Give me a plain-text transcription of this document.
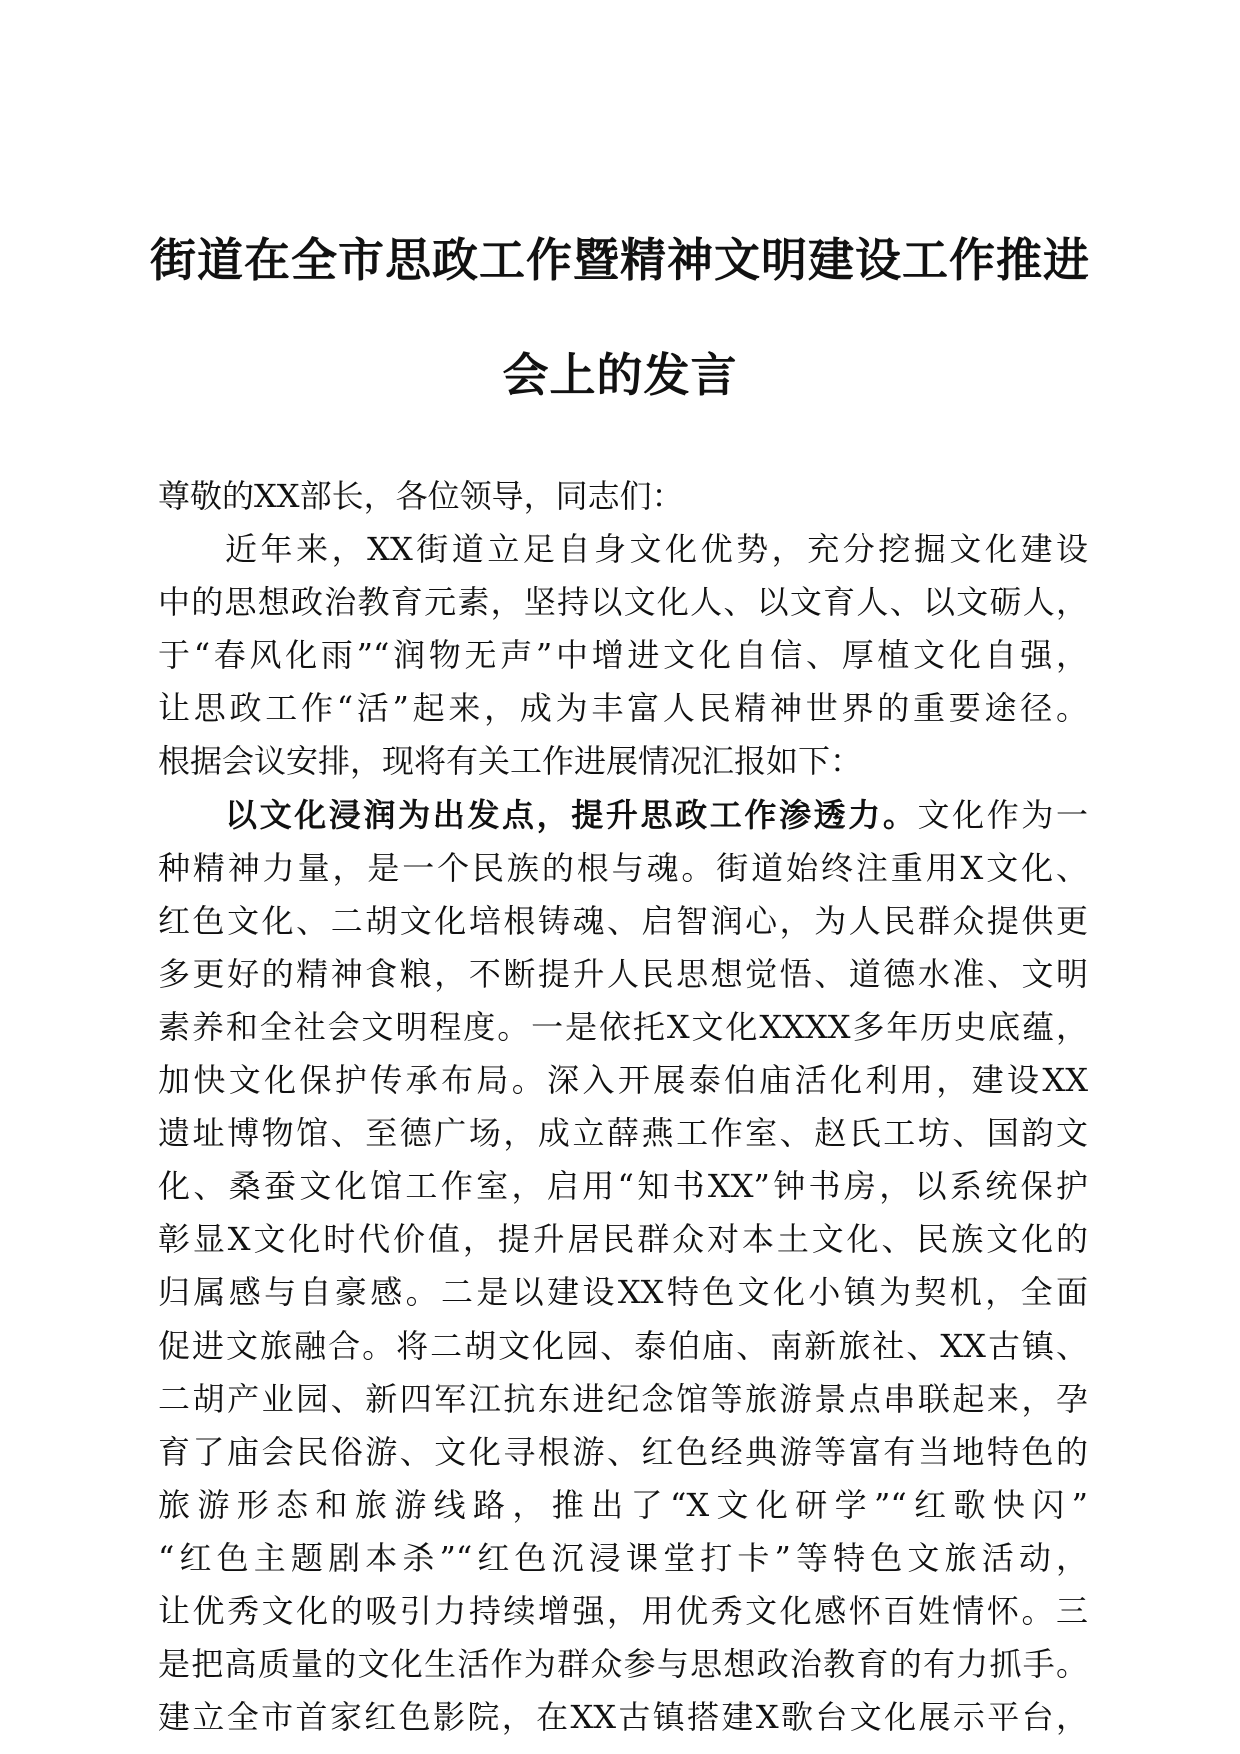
街道在全市思政工作暨精神文明建设工作推进
会上的发言
尊敬的XX部长，各位领导，同志们：
近年来，XX街道立足自身文化优势，充分挖掘文化建设
中的思想政治教育元素，坚持以文化人、以文育人、以文砺人，
于“春风化雨”“润物无声”中增进文化自信、厚植文化自强，
让思政工作“活”起来，成为丰富人民精神世界的重要途径。
根据会议安排，现将有关工作进展情况汇报如下：
以文化浸润为出发点，提升思政工作渗透力。文化作为一
种精神力量，是一个民族的根与魂。街道始终注重用X文化、
红色文化、二胡文化培根铸魂、启智润心，为人民群众提供更
多更好的精神食粮，不断提升人民思想觉悟、道德水准、文明
素养和全社会文明程度。一是依托X文化XXXX多年历史底蕴，
加快文化保护传承布局。深入开展泰伯庙活化利用，建设XX
遗址博物馆、至德广场，成立薛燕工作室、赵氏工坊、国韵文
化、桑蚕文化馆工作室，启用“知书XX”钟书房，以系统保护
彰显X文化时代价值，提升居民群众对本土文化、民族文化的
归属感与自豪感。二是以建设XX特色文化小镇为契机，全面
促进文旅融合。将二胡文化园、泰伯庙、南新旅社、XX古镇、
二胡产业园、新四军江抗东进纪念馆等旅游景点串联起来，孕
育了庙会民俗游、文化寻根游、红色经典游等富有当地特色的
旅游形态和旅游线路，推出了“X文化研学”“红歌快闪”
“红色主题剧本杀”“红色沉浸课堂打卡”等特色文旅活动，
让优秀文化的吸引力持续增强，用优秀文化感怀百姓情怀。三
是把高质量的文化生活作为群众参与思想政治教育的有力抓手。
建立全市首家红色影院，在XX古镇搭建X歌台文化展示平台，
